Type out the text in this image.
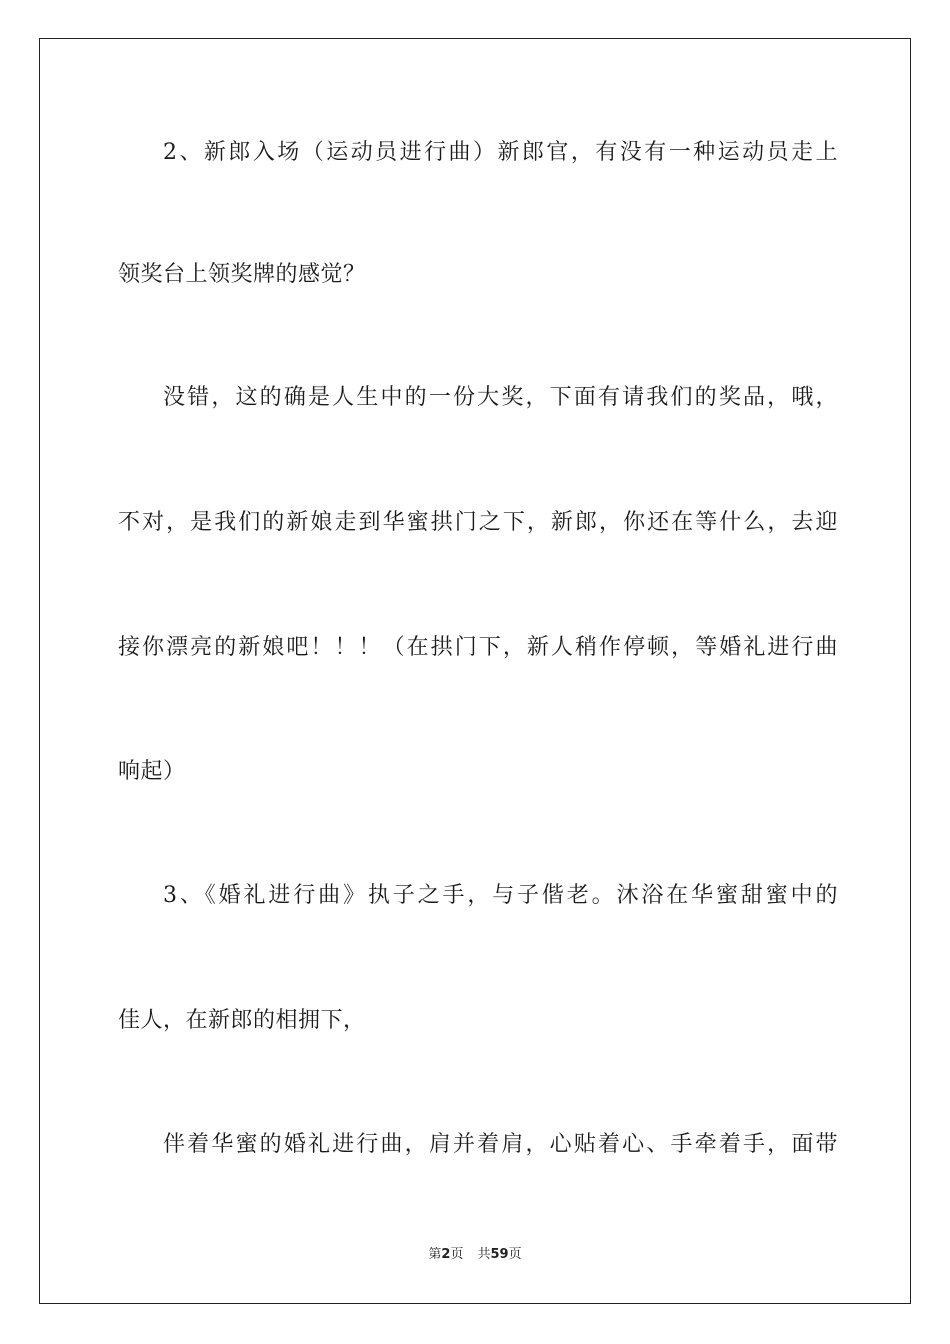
2、新郎入场（运动员进行曲）新郎官，有没有一种运动员走上
领奖台上领奖牌的感觉？
没错，这的确是人生中的一份大奖，下面有请我们的奖品，哦，
不对，是我们的新娘走到华蜜拱门之下，新郎，你还在等什么，去迎
接你漂亮的新娘吧！！！（在拱门下，新人稍作停顿，等婚礼进行曲
响起）
3、《婚礼进行曲》执子之手，与子偕老。沐浴在华蜜甜蜜中的
佳人，在新郎的相拥下，
伴着华蜜的婚礼进行曲，肩并着肩，心贴着心、手牵着手，面带
第2页 共59页
